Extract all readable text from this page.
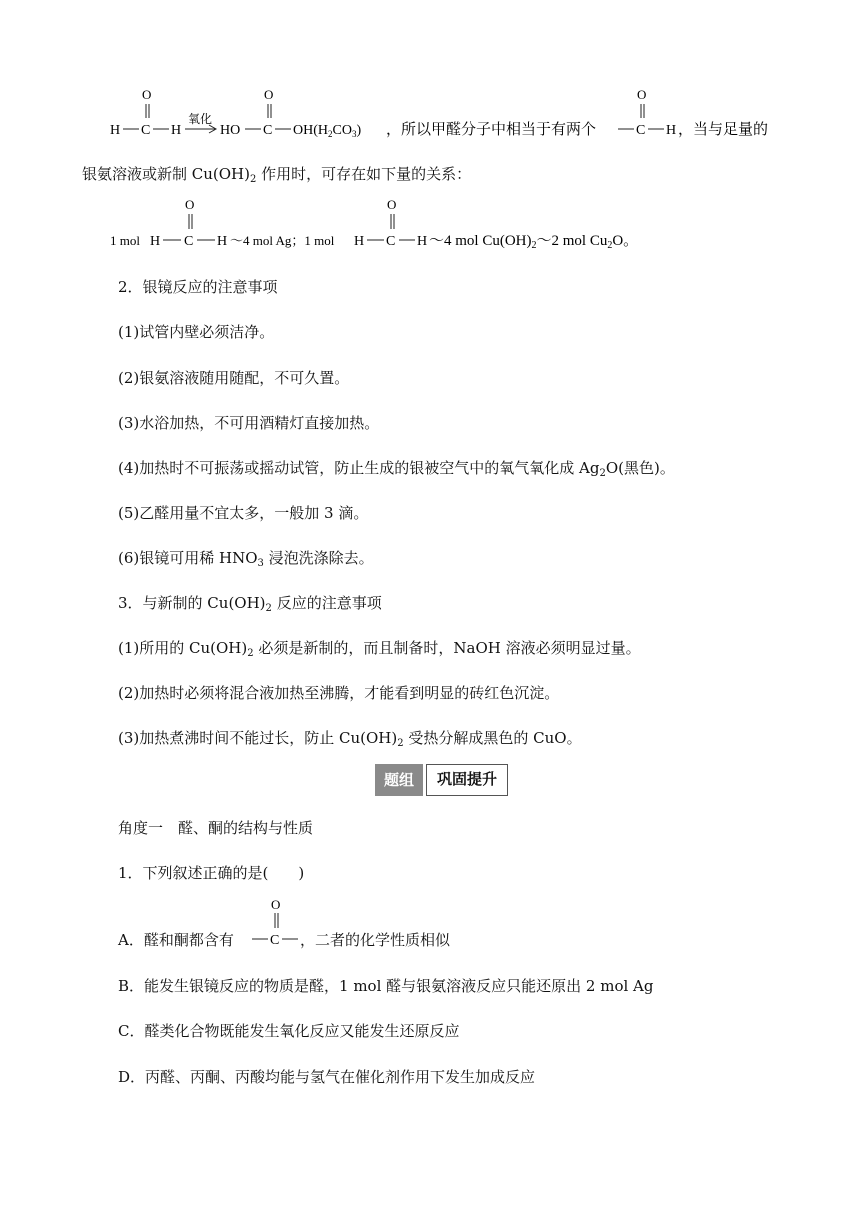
H C
O
H
氧化
HO C
O
$OH(H_2CO_3)$ ，所以甲醛分子中相当于有两个	C
O
H ，当与足量的
银氨溶液或新制 $Cu(OH)_2$ 作用时，可存在如下量的关系：
1 mol H C
O
H ～4 mol Ag；1 mol H C
O
H ～4 mol $Cu(OH)_2\sim 2$ mol $Cu_2O$。
2．银镜反应的注意事项
(1)试管内壁必须洁净。
(2)银氨溶液随用随配，不可久置。
(3)水浴加热，不可用酒精灯直接加热。
(4)加热时不可振荡或摇动试管，防止生成的银被空气中的氧气氧化成 $Ag_2O$(黑色)。
(5)乙醛用量不宜太多，一般加 3 滴。
(6)银镜可用稀 $HNO_3$ 浸泡洗涤除去。
3．与新制的 $Cu(OH)_2$ 反应的注意事项
(1)所用的 $Cu(OH)_2$ 必须是新制的，而且制备时，NaOH 溶液必须明显过量。
(2)加热时必须将混合液加热至沸腾，才能看到明显的砖红色沉淀。
(3)加热煮沸时间不能过长，防止 $Cu(OH)_2$ 受热分解成黑色的 CuO。
题组	巩固提升
角度一　醛、酮的结构与性质
1．下列叙述正确的是(　　)
A．醛和酮都含有	C
O
，二者的化学性质相似
B．能发生银镜反应的物质是醛，1 mol 醛与银氨溶液反应只能还原出 2 mol Ag
C．醛类化合物既能发生氧化反应又能发生还原反应
D．丙醛、丙酮、丙酸均能与氢气在催化剂作用下发生加成反应
